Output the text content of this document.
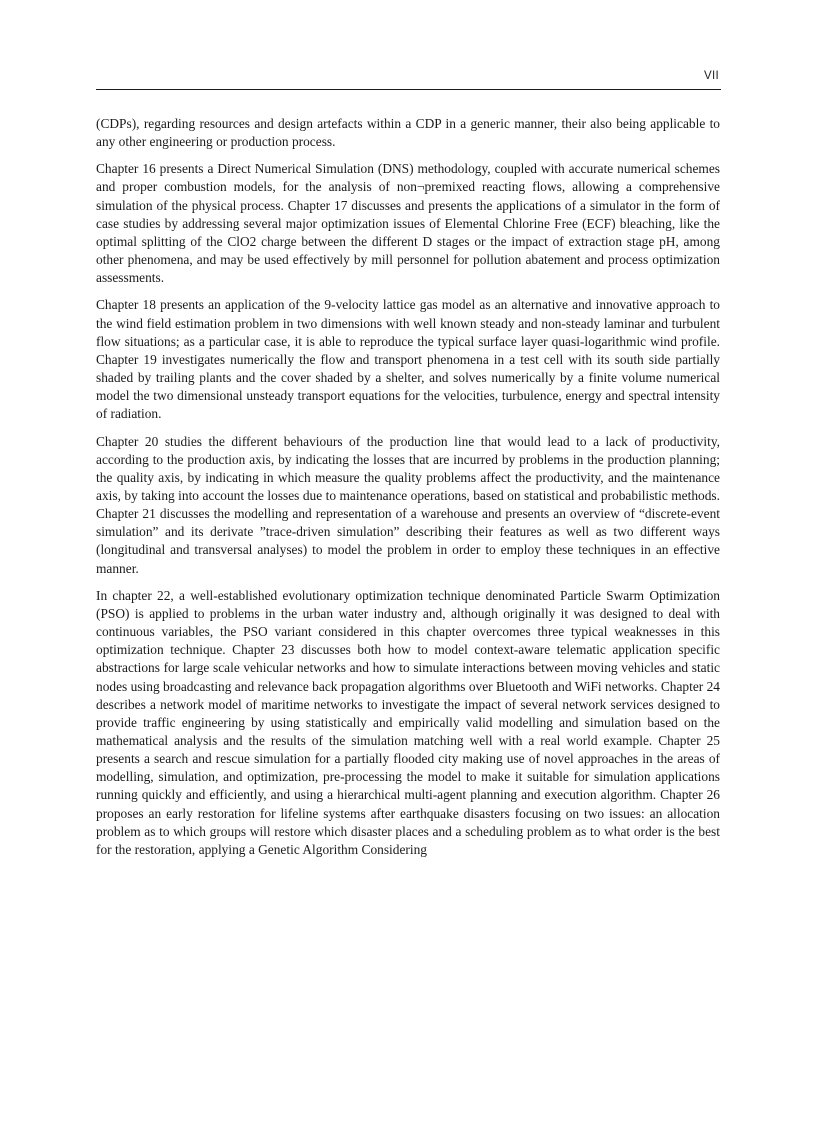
VII

(CDPs), regarding resources and design artefacts within a CDP in a generic manner, their also being applicable to any other engineering or production process.

Chapter 16 presents a Direct Numerical Simulation (DNS) methodology, coupled with accurate numerical schemes and proper combustion models, for the analysis of non¬premixed reacting flows, allowing a comprehensive simulation of the physical process. Chapter 17 discusses and presents the applications of a simulator in the form of case studies by addressing several major optimization issues of Elemental Chlorine Free (ECF) bleaching, like the optimal splitting of the ClO2 charge between the different D stages or the impact of extraction stage pH, among other phenomena, and may be used effectively by mill personnel for pollution abatement and process optimization assessments.

Chapter 18 presents an application of the 9-velocity lattice gas model as an alternative and innovative approach to the wind field estimation problem in two dimensions with well known steady and non-steady laminar and turbulent flow situations; as a particular case, it is able to reproduce the typical surface layer quasi-logarithmic wind profile. Chapter 19 investigates numerically the flow and transport phenomena in a test cell with its south side partially shaded by trailing plants and the cover shaded by a shelter, and solves numerically by a finite volume numerical model the two dimensional unsteady transport equations for the velocities, turbulence, energy and spectral intensity of radiation.

Chapter 20 studies the different behaviours of the production line that would lead to a lack of productivity, according to the production axis, by indicating the losses that are incurred by problems in the production planning; the quality axis, by indicating in which measure the quality problems affect the productivity, and the maintenance axis, by taking into account the losses due to maintenance operations, based on statistical and probabilistic methods. Chapter 21 discusses the modelling and representation of a warehouse and presents an overview of “discrete-event simulation” and its derivate ”trace-driven simulation” describing their features as well as two different ways (longitudinal and transversal analyses) to model the problem in order to employ these techniques in an effective manner.

In chapter 22, a well-established evolutionary optimization technique denominated Particle Swarm Optimization (PSO) is applied to problems in the urban water industry and, although originally it was designed to deal with continuous variables, the PSO variant considered in this chapter overcomes three typical weaknesses in this optimization technique. Chapter 23 discusses both how to model context-aware telematic application specific abstractions for large scale vehicular networks and how to simulate interactions between moving vehicles and static nodes using broadcasting and relevance back propagation algorithms over Bluetooth and WiFi networks. Chapter 24 describes a network model of maritime networks to investigate the impact of several network services designed to provide traffic engineering by using statistically and empirically valid modelling and simulation based on the mathematical analysis and the results of the simulation matching well with a real world example. Chapter 25 presents a search and rescue simulation for a partially flooded city making use of novel approaches in the areas of modelling, simulation, and optimization, pre-processing the model to make it suitable for simulation applications running quickly and efficiently, and using a hierarchical multi-agent planning and execution algorithm. Chapter 26 proposes an early restoration for lifeline systems after earthquake disasters focusing on two issues: an allocation problem as to which groups will restore which disaster places and a scheduling problem as to what order is the best for the restoration, applying a Genetic Algorithm Considering
